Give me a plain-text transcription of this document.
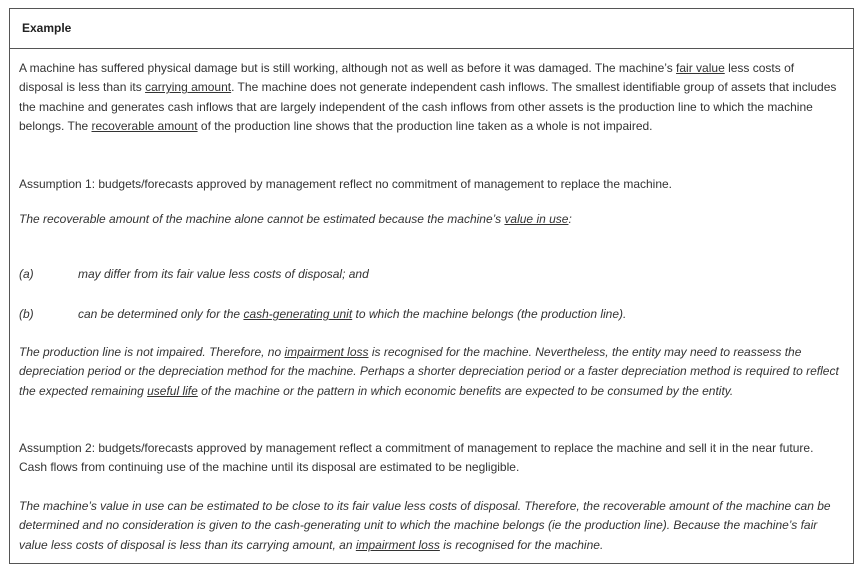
Example

A machine has suffered physical damage but is still working, although not as well as before it was damaged. The machine’s fair value less costs of disposal is less than its carrying amount. The machine does not generate independent cash inflows. The smallest identifiable group of assets that includes the machine and generates cash inflows that are largely independent of the cash inflows from other assets is the production line to which the machine belongs. The recoverable amount of the production line shows that the production line taken as a whole is not impaired.

Assumption 1: budgets/forecasts approved by management reflect no commitment of management to replace the machine.

The recoverable amount of the machine alone cannot be estimated because the machine’s value in use:

(a)	may differ from its fair value less costs of disposal; and
(b)	can be determined only for the cash-generating unit to which the machine belongs (the production line).

The production line is not impaired. Therefore, no impairment loss is recognised for the machine. Nevertheless, the entity may need to reassess the depreciation period or the depreciation method for the machine. Perhaps a shorter depreciation period or a faster depreciation method is required to reflect the expected remaining useful life of the machine or the pattern in which economic benefits are expected to be consumed by the entity.

Assumption 2: budgets/forecasts approved by management reflect a commitment of management to replace the machine and sell it in the near future. Cash flows from continuing use of the machine until its disposal are estimated to be negligible.

The machine’s value in use can be estimated to be close to its fair value less costs of disposal. Therefore, the recoverable amount of the machine can be determined and no consideration is given to the cash-generating unit to which the machine belongs (ie the production line). Because the machine’s fair value less costs of disposal is less than its carrying amount, an impairment loss is recognised for the machine.
